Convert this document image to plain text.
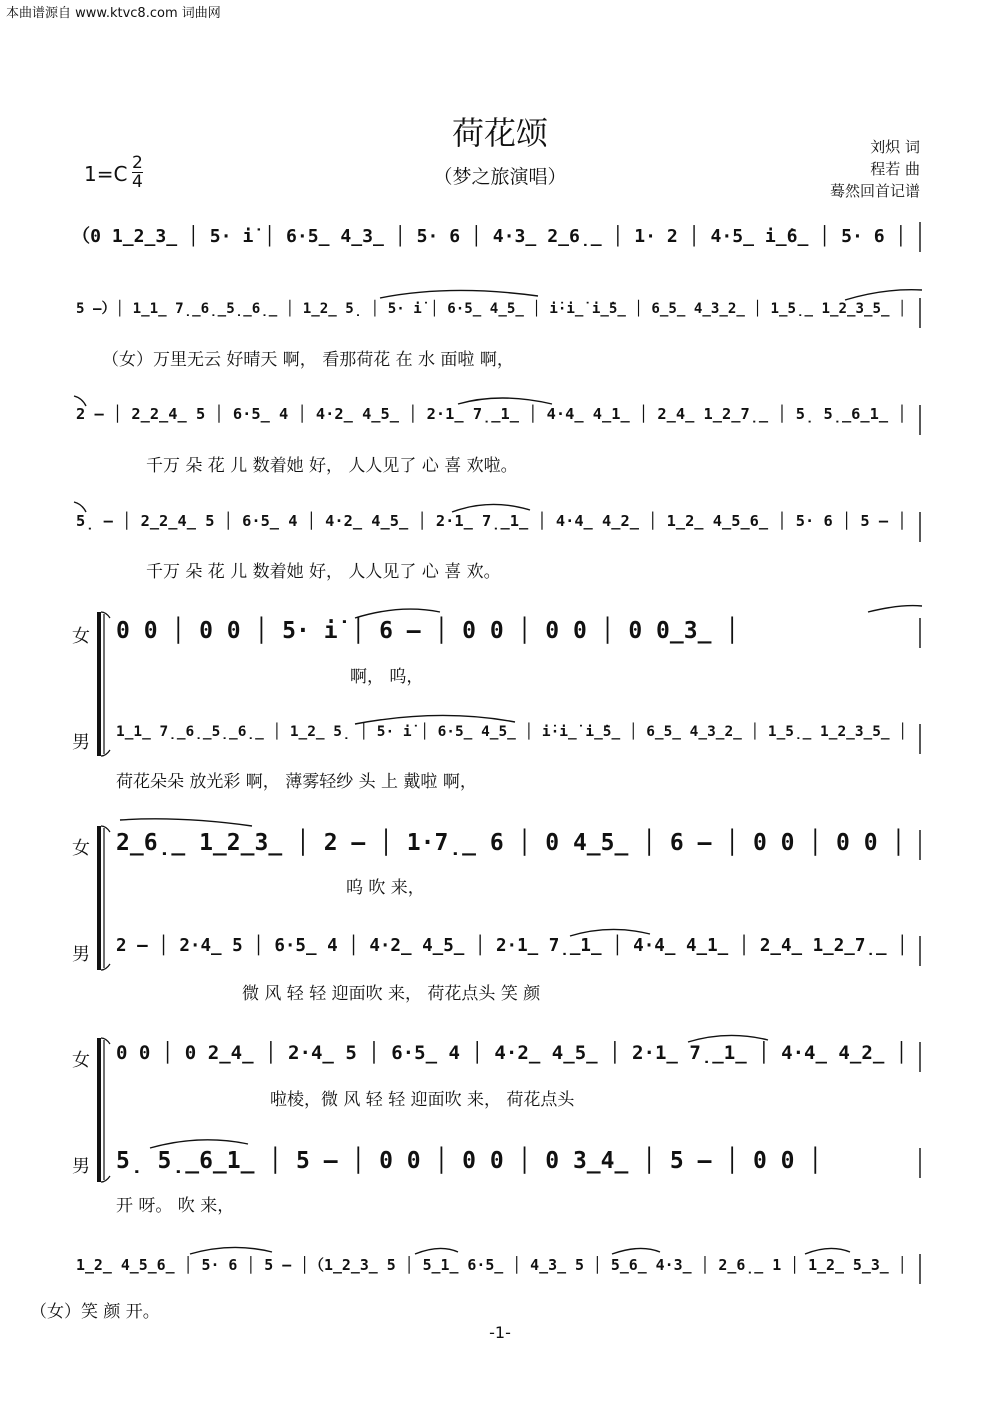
本曲谱源自 www.ktvc8.com 词曲网
荷花颂
（梦之旅演唱）
$1=C \frac{2}{4}$
刘炽 词
程若 曲
蓦然回首记谱
（0 1̲2̲3̲ │ 5· i̇ │ 6·5̲ 4̲3̲ │ 5· 6 │ 4·3̲ 2̲6̣̲ │ 1· 2 │ 4·5̲ i̲̇6̲ │ 5· 6 │
5 –）│ 1̲1̲ 7̣̲6̣̲5̣̲6̣̲ │ 1̲2̲ 5̣ │ 5· i̇ │ 6·5̲ 4̲5̲ │ i̇·i̲̇ i̲̇5̲ │ 6̲5̲ 4̲3̲2̲ │ 1̲5̣̲ 1̲2̲3̲5̲ │
（女）万里无云 好晴天 啊， 看那荷花 在 水 面啦 啊，
2 – │ 2̲2̲4̲ 5 │ 6·5̲ 4 │ 4·2̲ 4̲5̲ │ 2·1̲ 7̣̲1̲ │ 4·4̲ 4̲1̲ │ 2̲4̲ 1̲2̲7̣̲ │ 5̣ 5̣̲6̲1̲ │
千万 朵 花 儿 数着她 好， 人人见了 心 喜 欢啦。
5̣ – │ 2̲2̲4̲ 5 │ 6·5̲ 4 │ 4·2̲ 4̲5̲ │ 2·1̲ 7̣̲1̲ │ 4·4̲ 4̲2̲ │ 1̲2̲ 4̲5̲6̲ │ 5· 6 │ 5 – │
千万 朵 花 儿 数着她 好， 人人见了 心 喜 欢。
女 0 0 │ 0 0 │ 5· i̇ │ 6 – │ 0 0 │ 0 0 │ 0 0̲3̲ │
啊， 呜，
男 1̲1̲ 7̣̲6̣̲5̣̲6̣̲ │ 1̲2̲ 5̣ │ 5· i̇ │ 6·5̲ 4̲5̲ │ i̇·i̲̇ i̲̇5̲ │ 6̲5̲ 4̲3̲2̲ │ 1̲5̣̲ 1̲2̲3̲5̲ │
荷花朵朵 放光彩 啊， 薄雾轻纱 头 上 戴啦 啊，
女 2̲6̣̲ 1̲2̲3̲ │ 2 – │ 1·7̣̲ 6 │ 0 4̲5̲ │ 6 – │ 0 0 │ 0 0 │
呜 吹 来，
男 2 – │ 2·4̲ 5 │ 6·5̲ 4 │ 4·2̲ 4̲5̲ │ 2·1̲ 7̣̲1̲ │ 4·4̲ 4̲1̲ │ 2̲4̲ 1̲2̲7̣̲ │
微 风 轻 轻 迎面吹 来， 荷花点头 笑 颜
女 0 0 │ 0 2̲4̲ │ 2·4̲ 5 │ 6·5̲ 4 │ 4·2̲ 4̲5̲ │ 2·1̲ 7̣̲1̲ │ 4·4̲ 4̲2̲ │
啦棱，微 风 轻 轻 迎面吹 来， 荷花点头
男 5̣ 5̣̲6̲1̲ │ 5 – │ 0 0 │ 0 0 │ 0 3̲4̲ │ 5 – │ 0 0 │
开 呀。 吹 来，
1̲2̲ 4̲5̲6̲ │ 5· 6 │ 5 – │（1̲2̲3̲ 5 │ 5̲1̲ 6·5̲ │ 4̲3̲ 5 │ 5̲6̲ 4·3̲ │ 2̲6̣̲ 1 │ 1̲2̲ 5̲3̲ │
（女）笑 颜 开。
-1-
